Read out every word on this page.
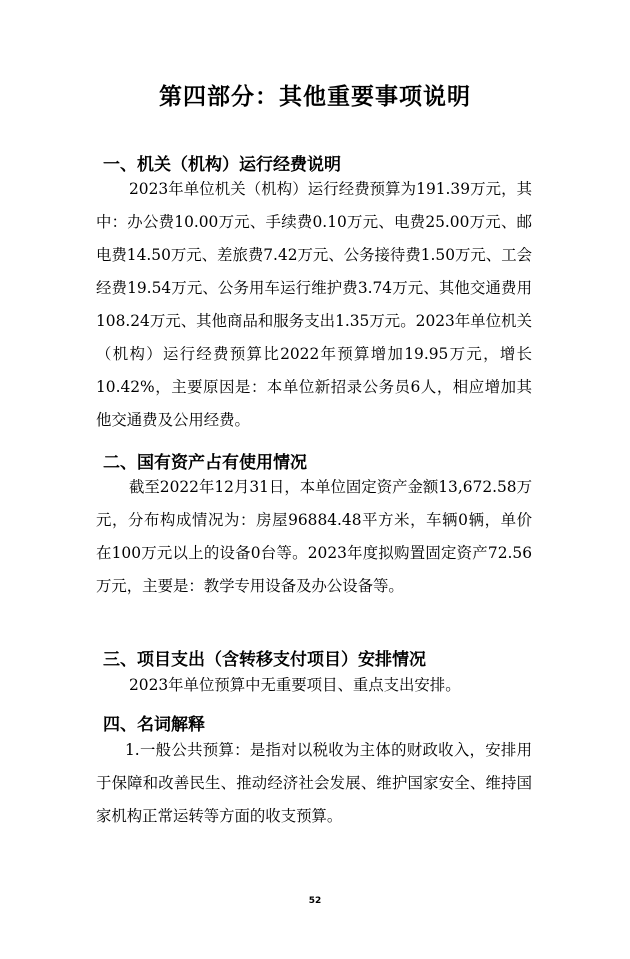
第四部分：其他重要事项说明
一、机关（机构）运行经费说明

2023年单位机关（机构）运行经费预算为191.39万元，其中：办公费10.00万元、手续费0.10万元、电费25.00万元、邮电费14.50万元、差旅费7.42万元、公务接待费1.50万元、工会经费19.54万元、公务用车运行维护费3.74万元、其他交通费用108.24万元、其他商品和服务支出1.35万元。2023年单位机关（机构）运行经费预算比2022年预算增加19.95万元，增长10.42%，主要原因是：本单位新招录公务员6人，相应增加其他交通费及公用经费。

二、国有资产占有使用情况

截至2022年12月31日，本单位固定资产金额13,672.58万元，分布构成情况为：房屋96884.48平方米，车辆0辆，单价在100万元以上的设备0台等。2023年度拟购置固定资产72.56万元，主要是：教学专用设备及办公设备等。

三、项目支出（含转移支付项目）安排情况

2023年单位预算中无重要项目、重点支出安排。

四、名词解释

1.一般公共预算：是指对以税收为主体的财政收入，安排用于保障和改善民生、推动经济社会发展、维护国家安全、维持国家机构正常运转等方面的收支预算。

52
